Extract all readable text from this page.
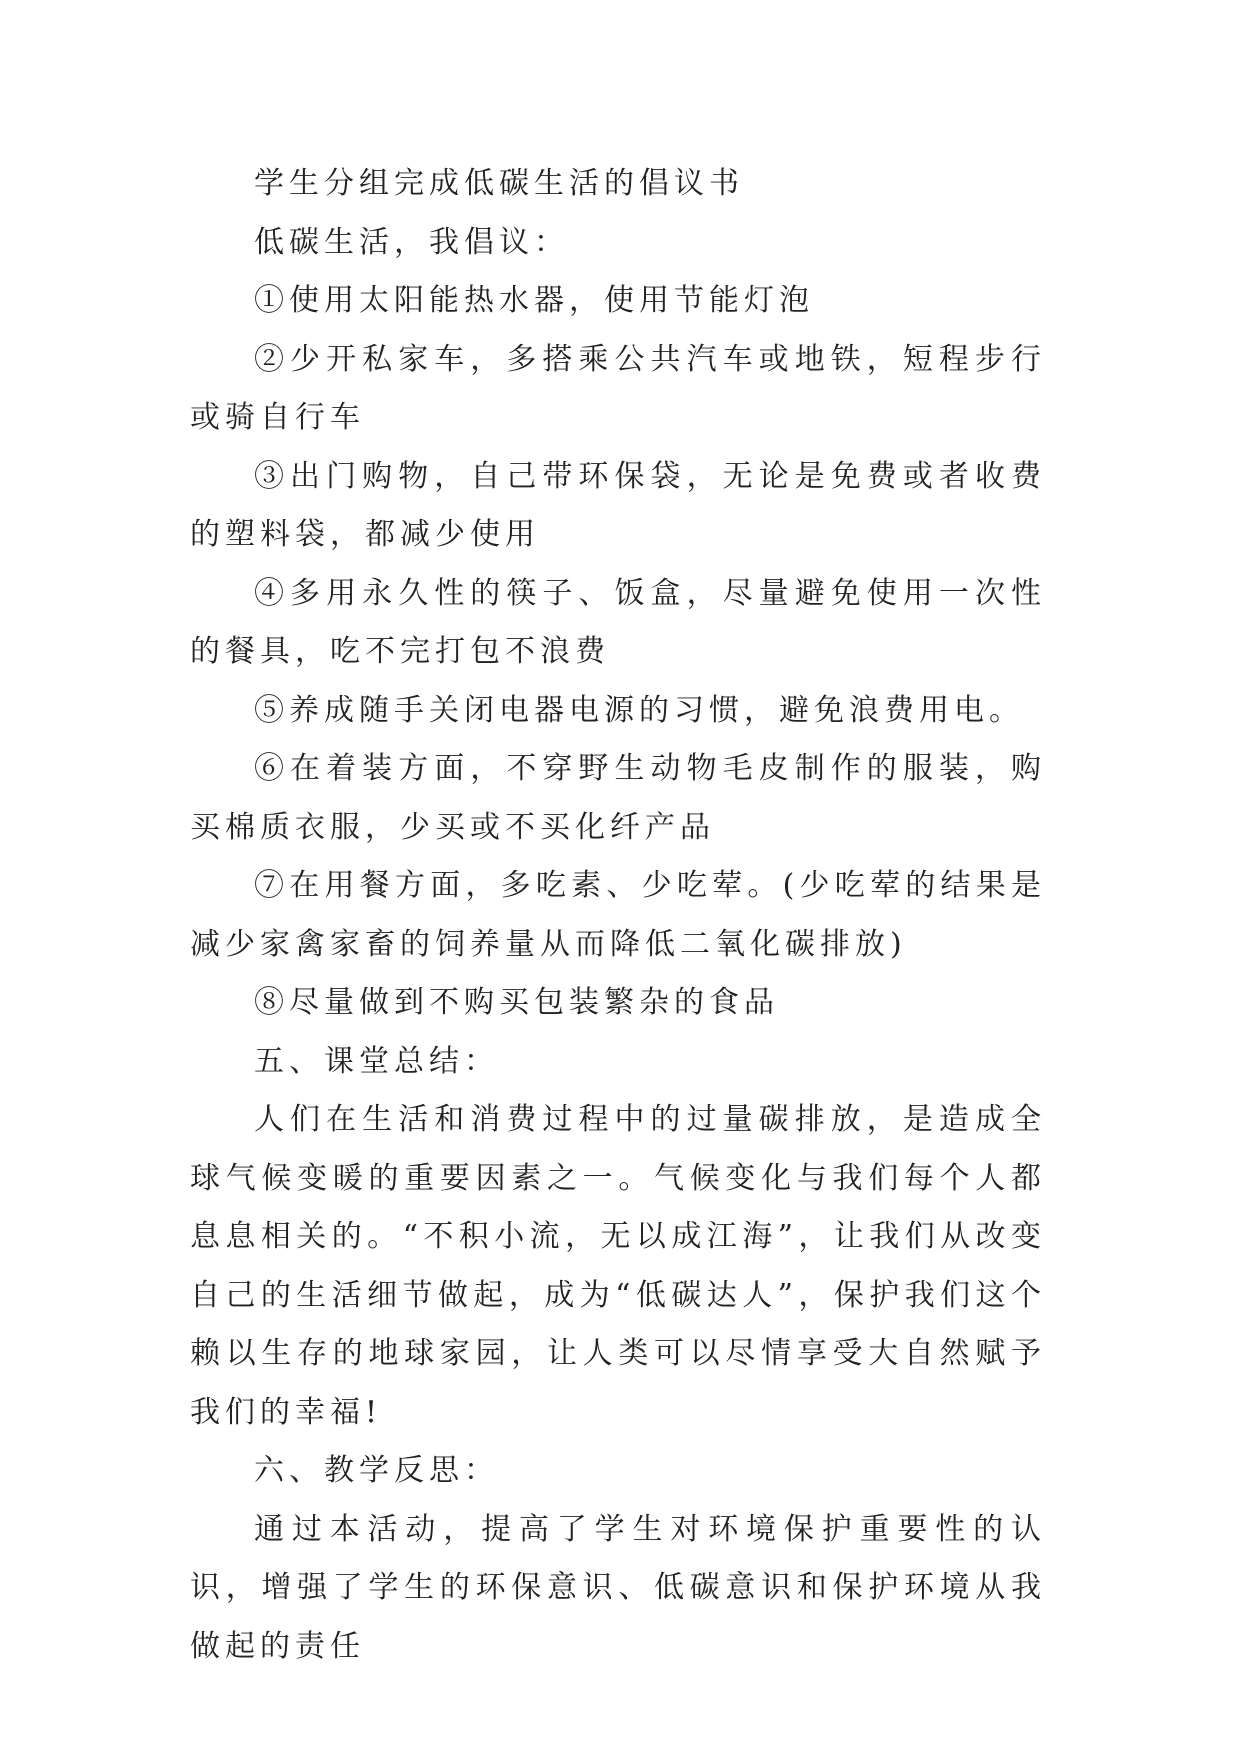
学生分组完成低碳生活的倡议书

低碳生活，我倡议：

①使用太阳能热水器，使用节能灯泡

②少开私家车，多搭乘公共汽车或地铁，短程步行或骑自行车

③出门购物，自己带环保袋，无论是免费或者收费的塑料袋，都减少使用

④多用永久性的筷子、饭盒，尽量避免使用一次性的餐具，吃不完打包不浪费

⑤养成随手关闭电器电源的习惯，避免浪费用电。

⑥在着装方面，不穿野生动物毛皮制作的服装，购买棉质衣服，少买或不买化纤产品

⑦在用餐方面，多吃素、少吃荤。(少吃荤的结果是减少家禽家畜的饲养量从而降低二氧化碳排放)

⑧尽量做到不购买包装繁杂的食品

五、课堂总结：

人们在生活和消费过程中的过量碳排放，是造成全球气候变暖的重要因素之一。气候变化与我们每个人都息息相关的。“不积小流，无以成江海”，让我们从改变自己的生活细节做起，成为“低碳达人”，保护我们这个赖以生存的地球家园，让人类可以尽情享受大自然赋予我们的幸福!

六、教学反思：

通过本活动，提高了学生对环境保护重要性的认识，增强了学生的环保意识、低碳意识和保护环境从我做起的责任
